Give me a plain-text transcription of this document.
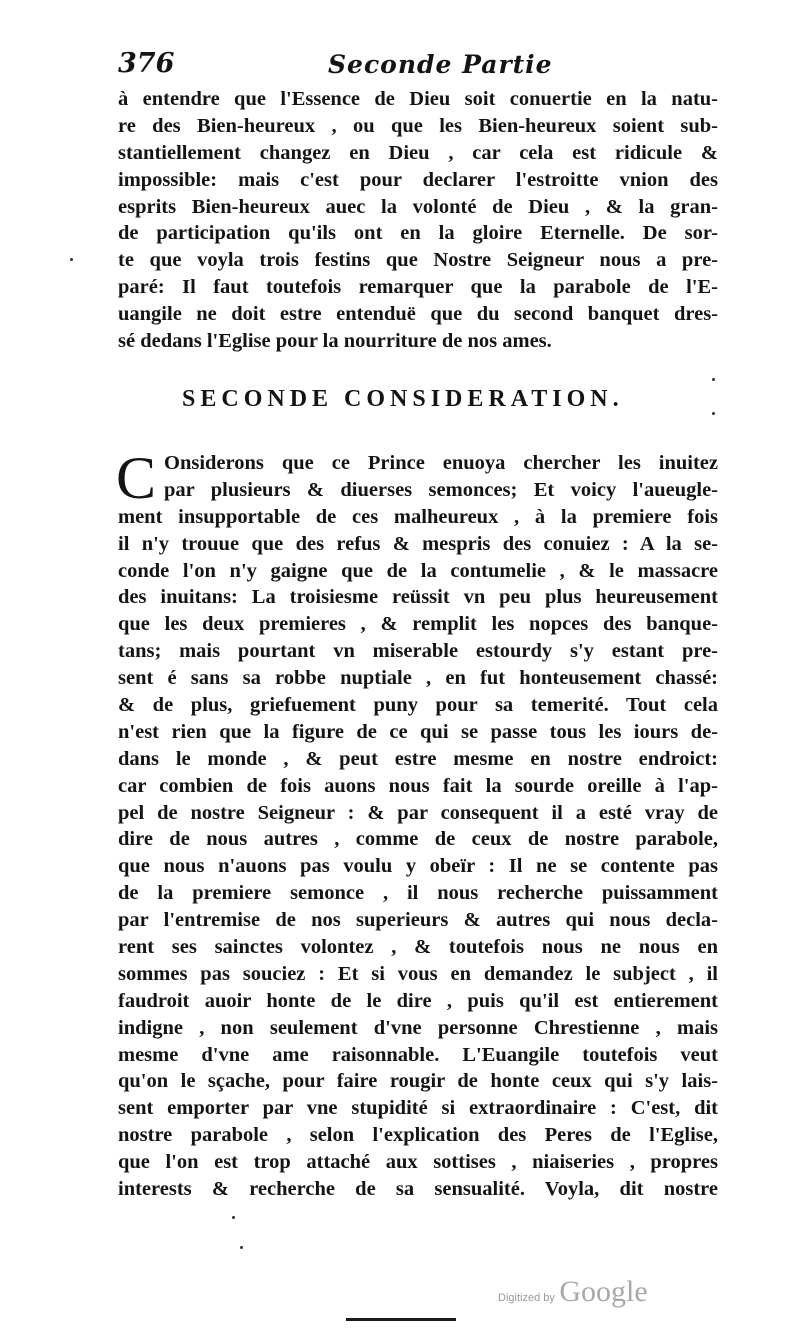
376	Seconde Partie
à entendre que l'Essence de Dieu soit conuertie en la natu-
re des Bien-heureux , ou que les Bien-heureux soient sub-
stantiellement changez en Dieu , car cela est ridicule &
impossible: mais c'est pour declarer l'estroitte vnion des
esprits Bien-heureux auec la volonté de Dieu , & la gran-
de participation qu'ils ont en la gloire Eternelle. De sor-
te que voyla trois festins que Nostre Seigneur nous a pre-
paré: Il faut toutefois remarquer que la parabole de l'E-
uangile ne doit estre entenduë que du second banquet dres-
sé dedans l'Eglise pour la nourriture de nos ames.
SECONDE CONSIDERATION.
C Onsiderons que ce Prince enuoya chercher les inuitez
par plusieurs & diuerses semonces; Et voicy l'aueugle-
ment insupportable de ces malheureux , à la premiere fois
il n'y trouue que des refus & mespris des conuiez : A la se-
conde l'on n'y gaigne que de la contumelie , & le massacre
des inuitans: La troisiesme reüssit vn peu plus heureusement
que les deux premieres , & remplit les nopces des banque-
tans; mais pourtant vn miserable estourdy s'y estant pre-
sent é sans sa robbe nuptiale , en fut honteusement chassé:
& de plus, griefuement puny pour sa temerité. Tout cela
n'est rien que la figure de ce qui se passe tous les iours de-
dans le monde , & peut estre mesme en nostre endroict:
car combien de fois auons nous fait la sourde oreille à l'ap-
pel de nostre Seigneur : & par consequent il a esté vray de
dire de nous autres , comme de ceux de nostre parabole,
que nous n'auons pas voulu y obeïr : Il ne se contente pas
de la premiere semonce , il nous recherche puissamment
par l'entremise de nos superieurs & autres qui nous decla-
rent ses sainctes volontez , & toutefois nous ne nous en
sommes pas souciez : Et si vous en demandez le subject , il
faudroit auoir honte de le dire , puis qu'il est entierement
indigne , non seulement d'vne personne Chrestienne , mais
mesme d'vne ame raisonnable. L'Euangile toutefois veut
qu'on le sçache, pour faire rougir de honte ceux qui s'y lais-
sent emporter par vne stupidité si extraordinaire : C'est, dit
nostre parabole , selon l'explication des Peres de l'Eglise,
que l'on est trop attaché aux sottises , niaiseries , propres
interests & recherche de sa sensualité. Voyla, dit nostre
Digitized by Google
